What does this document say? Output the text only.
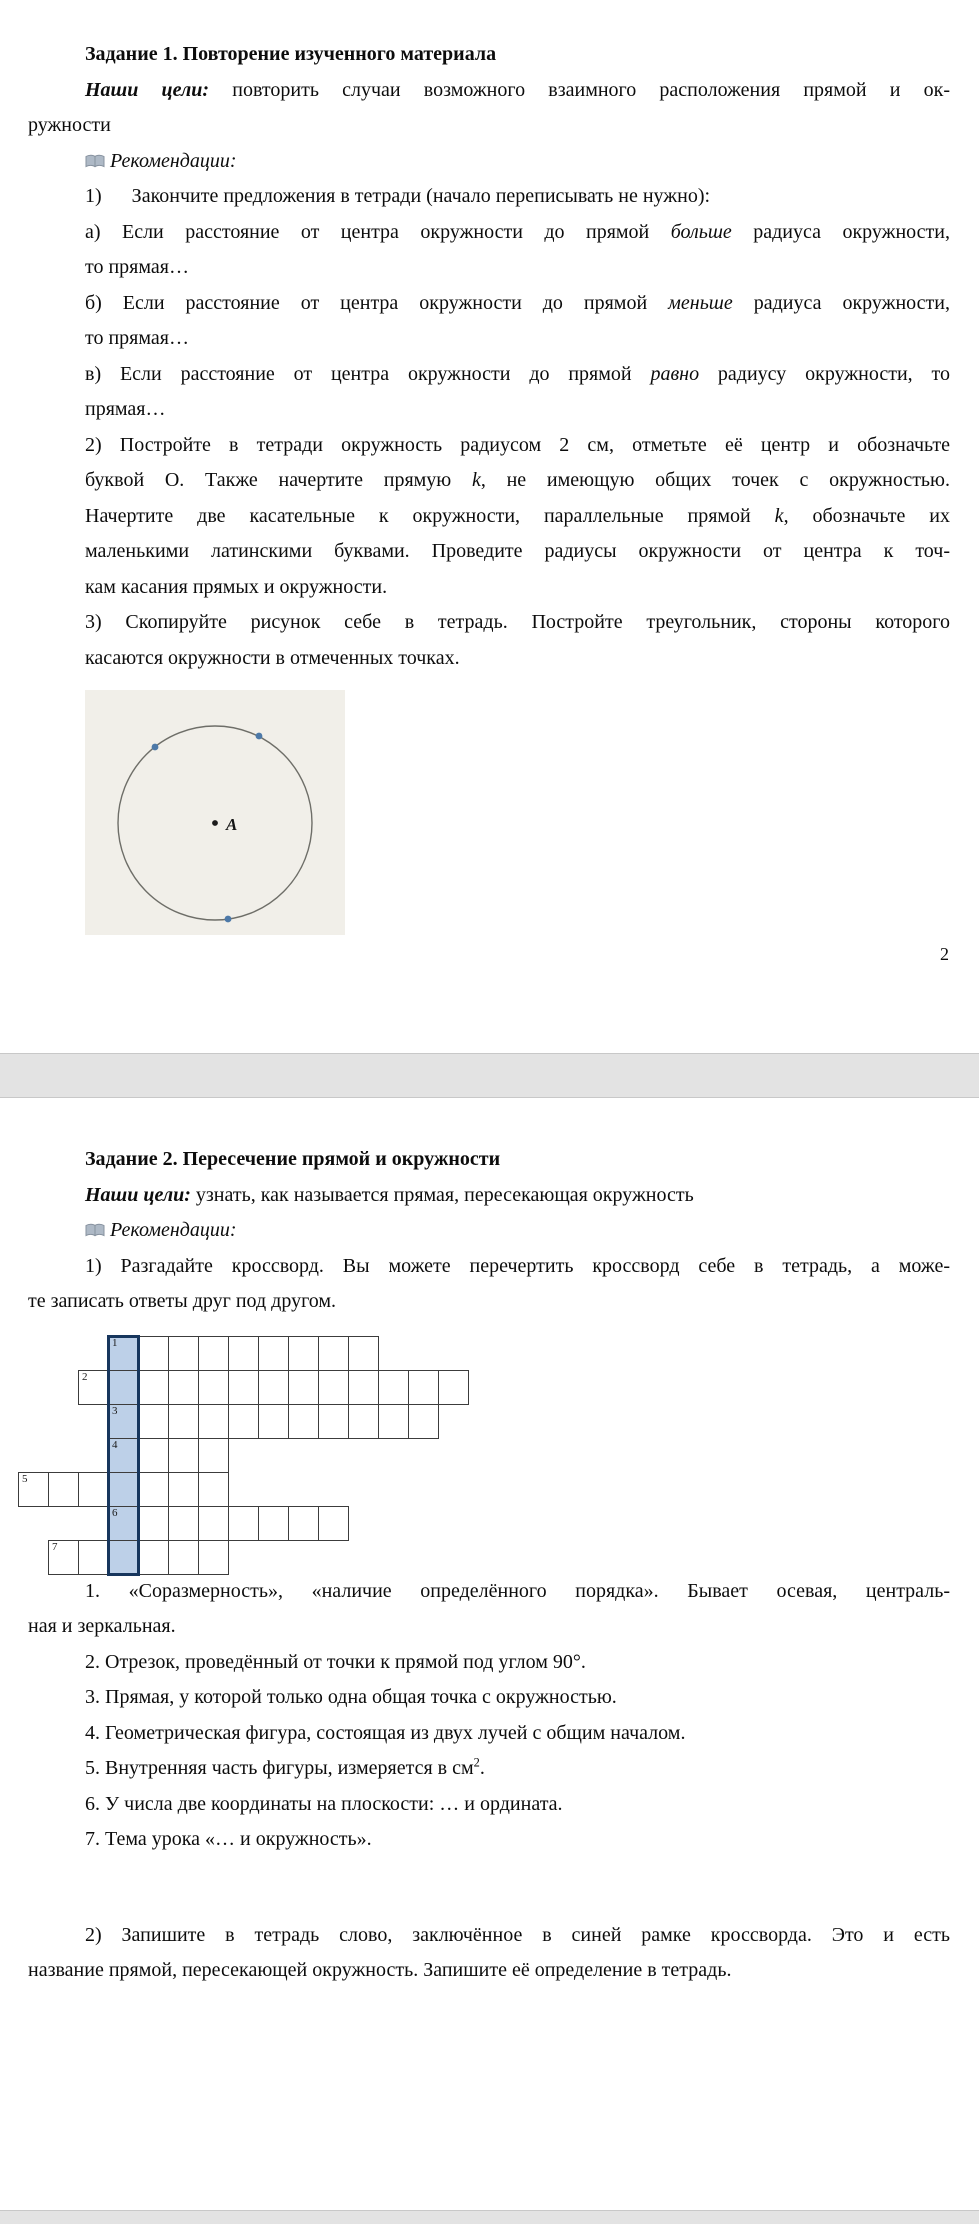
Задание 1. Повторение изученного материала
Наши цели: повторить случаи возможного взаимного расположения прямой и ок-
ружности
Рекомендации:
1) Закончите предложения в тетради (начало переписывать не нужно):
а) Если расстояние от центра окружности до прямой больше радиуса окружности,
то прямая…
б) Если расстояние от центра окружности до прямой меньше радиуса окружности,
то прямая…
в) Если расстояние от центра окружности до прямой равно радиусу окружности, то
прямая…
2) Постройте в тетради окружность радиусом 2 см, отметьте её центр и обозначьте
буквой О. Также начертите прямую k, не имеющую общих точек с окружностью.
Начертите две касательные к окружности, параллельные прямой k, обозначьте их
маленькими латинскими буквами. Проведите радиусы окружности от центра к точ-
кам касания прямых и окружности.
3) Скопируйте рисунок себе в тетрадь. Постройте треугольник, стороны которого
касаются окружности в отмеченных точках.
A
2
Задание 2. Пересечение прямой и окружности
Наши цели: узнать, как называется прямая, пересекающая окружность
Рекомендации:
1) Разгадайте кроссворд. Вы можете перечертить кроссворд себе в тетрадь, а може-
те записать ответы друг под другом.
1
2
3
4
5
6
7
1. «Соразмерность», «наличие определённого порядка». Бывает осевая, централь-
ная и зеркальная.
2. Отрезок, проведённый от точки к прямой под углом 90°.
3. Прямая, у которой только одна общая точка с окружностью.
4. Геометрическая фигура, состоящая из двух лучей с общим началом.
5. Внутренняя часть фигуры, измеряется в $см^2$.
6. У числа две координаты на плоскости: … и ордината.
7. Тема урока «… и окружность».
2) Запишите в тетрадь слово, заключённое в синей рамке кроссворда. Это и есть
название прямой, пересекающей окружность. Запишите её определение в тетрадь.
